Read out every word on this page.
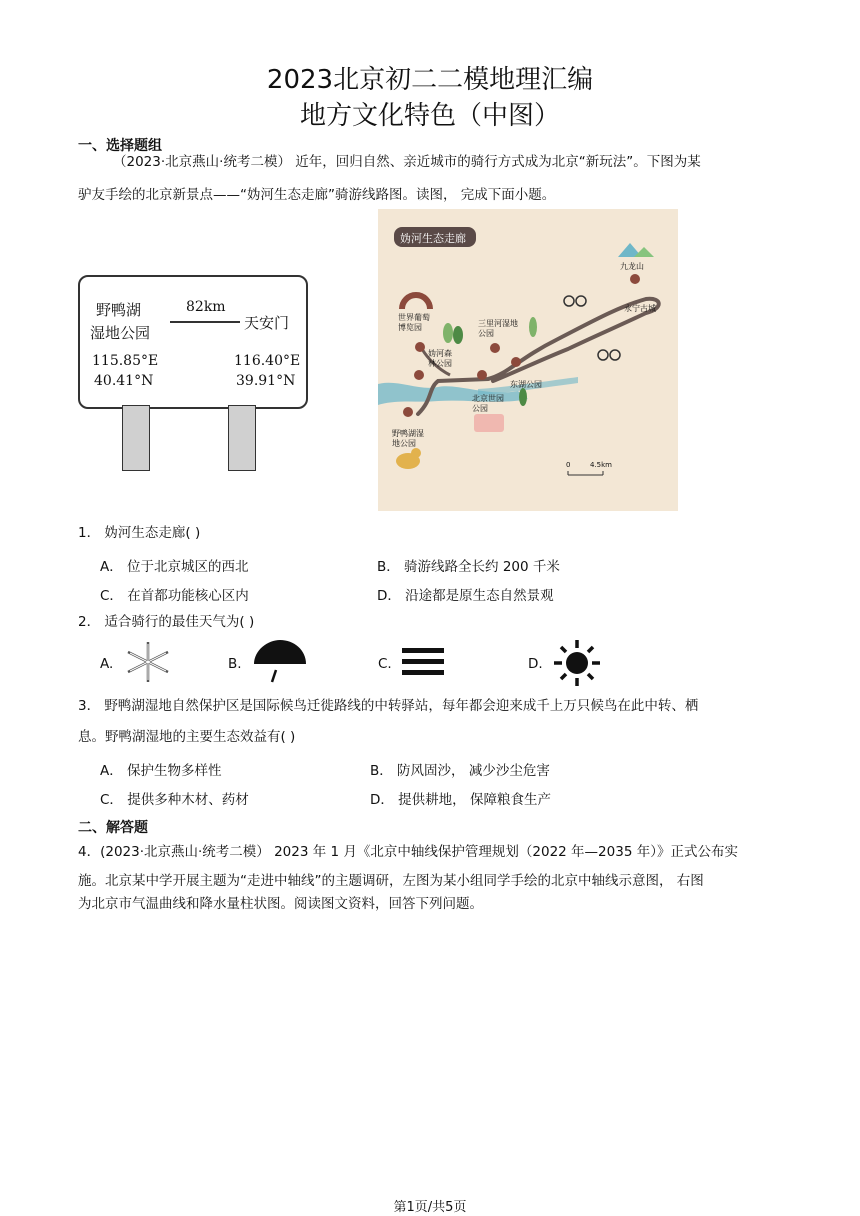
2023北京初二二模地理汇编
地方文化特色（中图）
一、选择题组
（2023·北京燕山·统考二模） 近年，回归自然、亲近城市的骑行方式成为北京“新玩法”。下图为某
驴友手绘的北京新景点——“妫河生态走廊”骑游线路图。读图， 完成下面小题。
野鸭湖
湿地公园
82km
天安门
115.85°E
40.41°N
116.40°E
39.91°N
妫河生态走廊
九龙山
永宁古城
世界葡萄博览园	三里河湿地公园
妫河森林公园
东湖公园
北京世园公园
野鸭湖湿地公园
0	4.5km
1． 妫河生态走廊( )
A． 位于北京城区的西北	B． 骑游线路全长约 200 千米
C． 在首都功能核心区内	D． 沿途都是原生态自然景观
2． 适合骑行的最佳天气为( )
A.	B.	C.	D.
3． 野鸭湖湿地自然保护区是国际候鸟迁徙路线的中转驿站，每年都会迎来成千上万只候鸟在此中转、栖
息。野鸭湖湿地的主要生态效益有( )
A． 保护生物多样性	B． 防风固沙， 减少沙尘危害
C． 提供多种木材、药材	D． 提供耕地， 保障粮食生产
二、解答题
4．(2023·北京燕山·统考二模） 2023 年 1 月《北京中轴线保护管理规划（2022 年—2035 年）》正式公布实
施。北京某中学开展主题为“走进中轴线”的主题调研，左图为某小组同学手绘的北京中轴线示意图， 右图
为北京市气温曲线和降水量柱状图。阅读图文资料，回答下列问题。
第1页/共5页
